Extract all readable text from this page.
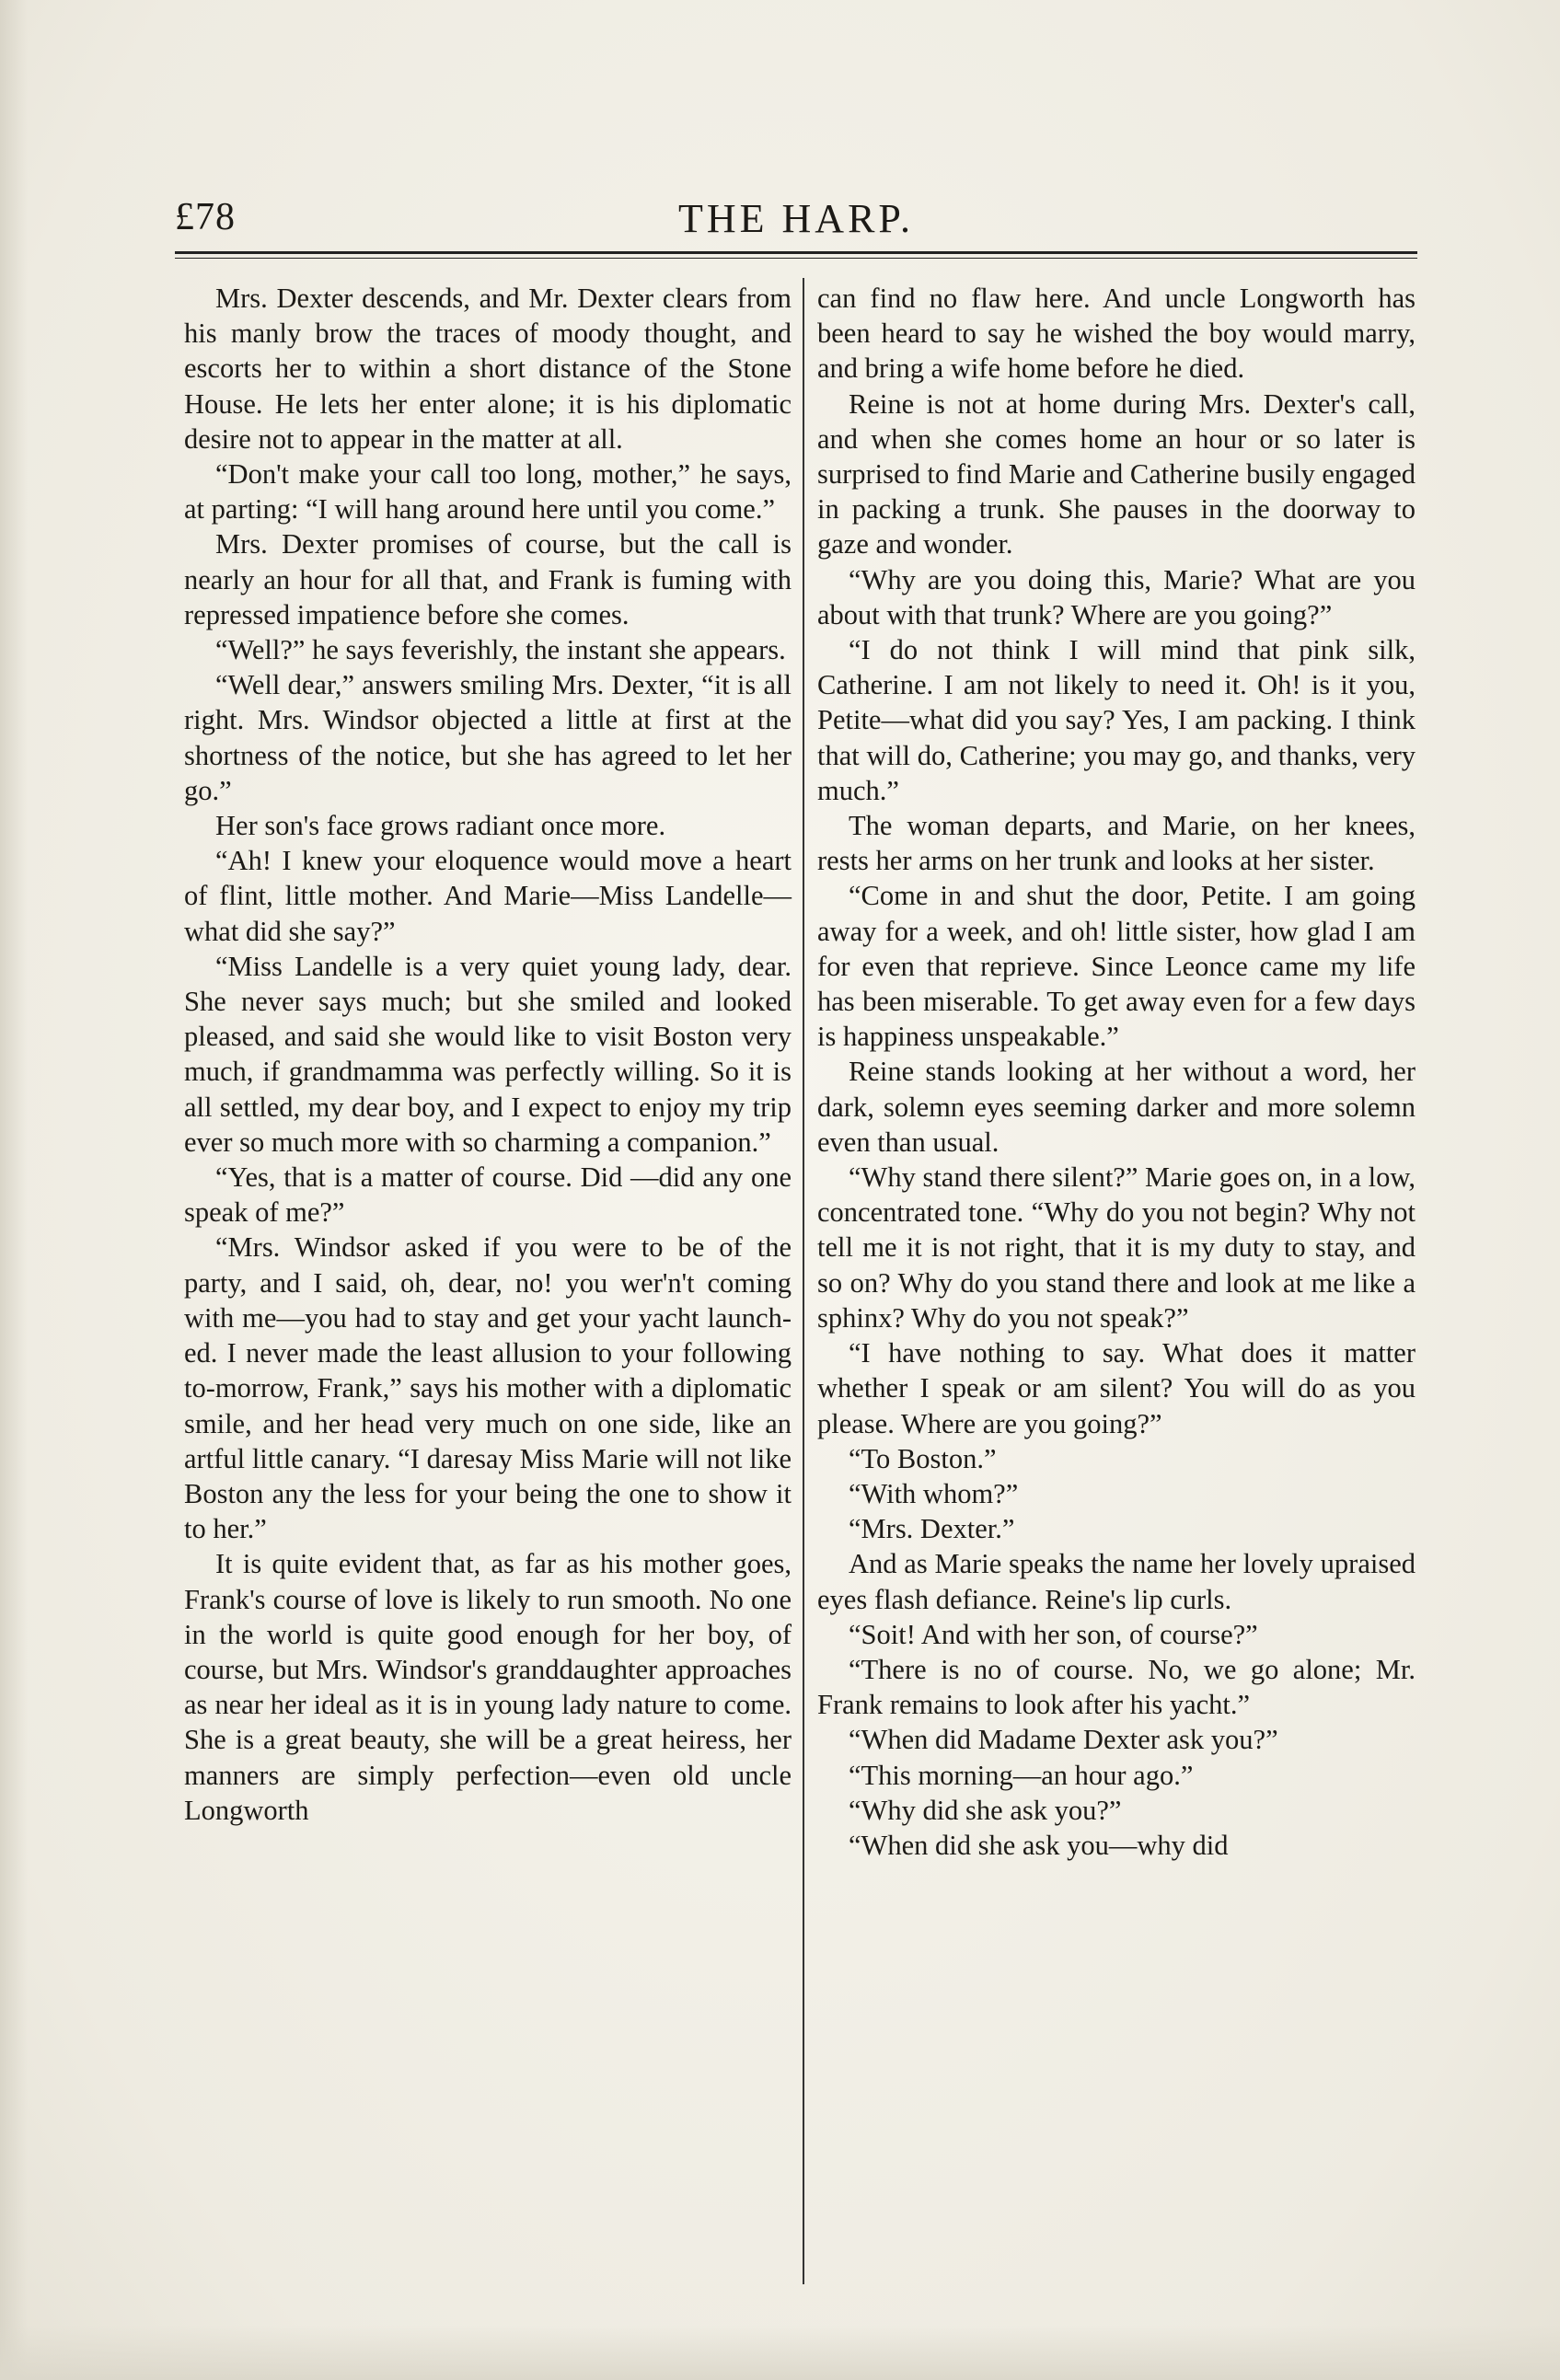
£78	THE HARP.

Mrs. Dexter descends, and Mr. Dexter clears from his manly brow the traces of moody thought, and escorts her to within a short distance of the Stone House. He lets her enter alone; it is his diplomatic desire not to appear in the matter at all.

“Don't make your call too long, mother,” he says, at parting: “I will hang around here until you come.”

Mrs. Dexter promises of course, but the call is nearly an hour for all that, and Frank is fuming with repressed impatience before she comes.

“Well?” he says feverishly, the instant she appears.

“Well dear,” answers smiling Mrs. Dexter, “it is all right. Mrs. Windsor objected a little at first at the shortness of the notice, but she has agreed to let her go.”

Her son's face grows radiant once more.

“Ah! I knew your eloquence would move a heart of flint, little mother. And Marie—Miss Landelle—what did she say?”

“Miss Landelle is a very quiet young lady, dear. She never says much; but she smiled and looked pleased, and said she would like to visit Boston very much, if grandmamma was perfectly willing. So it is all settled, my dear boy, and I expect to enjoy my trip ever so much more with so charming a companion.”

“Yes, that is a matter of course. Did —did any one speak of me?”

“Mrs. Windsor asked if you were to be of the party, and I said, oh, dear, no! you wer'n't coming with me—you had to stay and get your yacht launched. I never made the least allusion to your following to-morrow, Frank,” says his mother with a diplomatic smile, and her head very much on one side, like an artful little canary. “I daresay Miss Marie will not like Boston any the less for your being the one to show it to her.”

It is quite evident that, as far as his mother goes, Frank's course of love is likely to run smooth. No one in the world is quite good enough for her boy, of course, but Mrs. Windsor's granddaughter approaches as near her ideal as it is in young lady nature to come. She is a great beauty, she will be a great heiress, her manners are simply perfection—even old uncle Longworth

can find no flaw here. And uncle Longworth has been heard to say he wished the boy would marry, and bring a wife home before he died.

Reine is not at home during Mrs. Dexter's call, and when she comes home an hour or so later is surprised to find Marie and Catherine busily engaged in packing a trunk. She pauses in the doorway to gaze and wonder.

“Why are you doing this, Marie? What are you about with that trunk? Where are you going?”

“I do not think I will mind that pink silk, Catherine. I am not likely to need it. Oh! is it you, Petite—what did you say? Yes, I am packing. I think that will do, Catherine; you may go, and thanks, very much.”

The woman departs, and Marie, on her knees, rests her arms on her trunk and looks at her sister.

“Come in and shut the door, Petite. I am going away for a week, and oh! little sister, how glad I am for even that reprieve. Since Leonce came my life has been miserable. To get away even for a few days is happiness unspeakable.”

Reine stands looking at her without a word, her dark, solemn eyes seeming darker and more solemn even than usual.

“Why stand there silent?” Marie goes on, in a low, concentrated tone. “Why do you not begin? Why not tell me it is not right, that it is my duty to stay, and so on? Why do you stand there and look at me like a sphinx? Why do you not speak?”

“I have nothing to say. What does it matter whether I speak or am silent? You will do as you please. Where are you going?”

“To Boston.”

“With whom?”

“Mrs. Dexter.”

And as Marie speaks the name her lovely upraised eyes flash defiance. Reine's lip curls.

“Soit! And with her son, of course?”

“There is no of course. No, we go alone; Mr. Frank remains to look after his yacht.”

“When did Madame Dexter ask you?”

“This morning—an hour ago.”

“Why did she ask you?”

“When did she ask you—why did
